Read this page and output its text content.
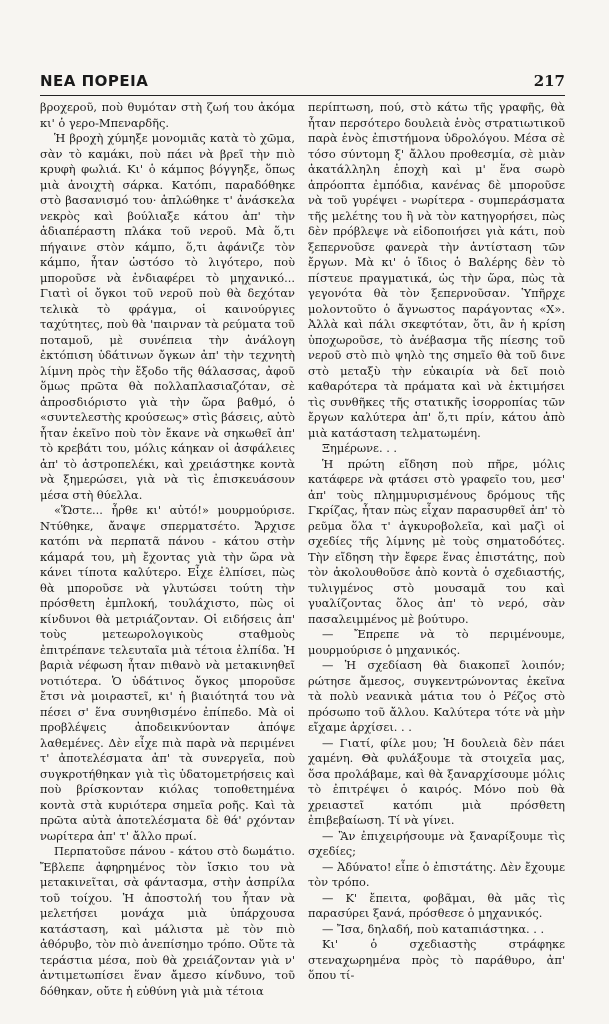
ΝΕΑ ΠΟΡΕΙΑ	217

βροχεροῦ, ποὺ θυμόταν στὴ ζωή του ἀκόμα κι' ὁ γερο-Μπεναρδῆς.

Ἡ βροχὴ χύμηξε μονομιᾶς κατὰ τὸ χῶμα, σὰν τὸ καμάκι, ποὺ πάει νὰ βρεῖ τὴν πιὸ κρυφὴ φωλιά. Κι' ὁ κάμπος βόγγηξε, ὅπως μιὰ ἀνοιχτὴ σάρκα. Κατόπι, παραδόθηκε στὸ βασανισμό του· ἁπλώθηκε τ' ἀνάσκελα νεκρὸς καὶ βούλιαξε κάτου ἀπ' τὴν ἀδιαπέραστη πλάκα τοῦ νεροῦ. Μὰ ὅ,τι πήγαινε στὸν κάμπο, ὅ,τι ἀφάνιζε τὸν κάμπο, ἦταν ὡστόσο τὸ λιγότερο, ποὺ μποροῦσε νὰ ἐνδιαφέρει τὸ μηχανικό... Γιατὶ οἱ ὄγκοι τοῦ νεροῦ ποὺ θὰ δεχόταν τελικὰ τὸ φράγμα, οἱ καινούργιες ταχύτητες, ποὺ θὰ 'παιρναν τὰ ρεύματα τοῦ ποταμοῦ, μὲ συνέπεια τὴν ἀνάλογη ἐκτόπιση ὑδάτινων ὄγκων ἀπ' τὴν τεχνητὴ λίμνη πρὸς τὴν ἔξοδο τῆς θάλασσας, ἀφοῦ ὅμως πρῶτα θὰ πολλαπλασιαζόταν, σὲ ἀπροσδιόριστο γιὰ τὴν ὥρα βαθμό, ὁ «συντελεστὴς κρούσεως» στὶς βάσεις, αὐτὸ ἦταν ἐκεῖνο ποὺ τὸν ἔκανε νὰ σηκωθεῖ ἀπ' τὸ κρεβάτι του, μόλις κάηκαν οἱ ἀσφάλειες ἀπ' τὸ ἀστροπελέκι, καὶ χρειάστηκε κοντὰ νὰ ξημερώσει, γιὰ νὰ τὶς ἐπισκευάσουν μέσα στὴ θύελλα.

«Ὥστε... ἦρθε κι' αὐτό!» μουρμούρισε. Ντύθηκε, ἄναψε σπερματσέτο. Ἄρχισε κατόπι νὰ περπατᾶ πάνου - κάτου στὴν κάμαρά του, μὴ ἔχοντας γιὰ τὴν ὥρα νὰ κάνει τίποτα καλύτερο. Εἶχε ἐλπίσει, πὼς θὰ μποροῦσε νὰ γλυτώσει τούτη τὴν πρόσθετη ἐμπλοκή, τουλάχιστο, πὼς οἱ κίνδυνοι θὰ μετριάζονταν. Οἱ ειδήσεις ἀπ' τοὺς μετεωρολογικοὺς σταθμοὺς ἐπιτρέπανε τελευταῖα μιὰ τέτοια ἐλπίδα. Ἡ βαριὰ νέφωση ἦταν πιθανὸ νὰ μετακινηθεῖ νοτιότερα. Ὁ ὑδάτινος ὄγκος μποροῦσε ἔτσι νὰ μοιραστεῖ, κι' ἡ βιαιότητά του νὰ πέσει σ' ἕνα συνηθισμένο ἐπίπεδο. Μὰ οἱ προβλέψεις ἀποδεικνύονταν ἀπόψε λαθεμένες. Δὲν εἶχε πιὰ παρὰ νὰ περιμένει τ' ἀποτελέσματα ἀπ' τὰ συνεργεῖα, ποὺ συγκροτήθηκαν γιὰ τὶς ὑδατομετρήσεις καὶ ποὺ βρίσκονταν κιόλας τοποθετημένα κοντὰ στὰ κυριότερα σημεῖα ροῆς. Καὶ τὰ πρῶτα αὐτὰ ἀποτελέσματα δὲ θά' ρχόνταν νωρίτερα ἀπ' τ' ἄλλο πρωί.

Περπατοῦσε πάνου - κάτου στὸ δωμάτιο. Ἔβλεπε ἀφηρημένος τὸν ἴσκιο του νὰ μετακινεῖται, σὰ φάντασμα, στὴν ἀσπρίλα τοῦ τοίχου. Ἡ ἀποστολή του ἦταν νὰ μελετήσει μονάχα μιὰ ὑπάρχουσα κατάσταση, καὶ μάλιστα μὲ τὸν πιὸ ἀθόρυβο, τὸν πιὸ ἀνεπίσημο τρόπο. Οὔτε τὰ τεράστια μέσα, ποὺ θὰ χρειάζονταν γιὰ ν' ἀντιμετωπίσει ἕναν ἄμεσο κίνδυνο, τοῦ δόθηκαν, οὔτε ἡ εὐθύνη γιὰ μιὰ τέτοια

περίπτωση, πού, στὸ κάτω τῆς γραφῆς, θὰ ἦταν περσότερο δουλειὰ ἑνὸς στρατιωτικοῦ παρὰ ἑνὸς ἐπιστήμονα ὑδρολόγου. Μέσα σὲ τόσο σύντομη ξ' ἄλλου προθεσμία, σὲ μιὰν ἀκατάλληλη ἐποχὴ καὶ μ' ἕνα σωρὸ ἀπρόοπτα ἐμπόδια, κανένας δὲ μποροῦσε νὰ τοῦ γυρέψει - νωρίτερα - συμπεράσματα τῆς μελέτης του ἢ νὰ τὸν κατηγορήσει, πὼς δὲν πρόβλεψε νὰ εἰδοποιήσει γιὰ κάτι, ποὺ ξεπερνοῦσε φανερὰ τὴν ἀντίσταση τῶν ἔργων. Μὰ κι' ὁ ἴδιος ὁ Βαλέρης δὲν τὸ πίστευε πραγματικά, ὡς τὴν ὥρα, πὼς τὰ γεγονότα θὰ τὸν ξεπερνοῦσαν. Ὑπῆρχε μολοντοῦτο ὁ ἄγνωστος παράγοντας «Χ». Ἀλλὰ καὶ πάλι σκεφτόταν, ὅτι, ἂν ἡ κρίση ὑποχωροῦσε, τὸ ἀνέβασμα τῆς πίεσης τοῦ νεροῦ στὸ πιὸ ψηλὸ της σημεῖο θὰ τοῦ δινε στὸ μεταξὺ τὴν εὐκαιρία νὰ δεῖ ποιὸ καθαρότερα τὰ πράματα καὶ νὰ ἐκτιμήσει τὶς συνθῆκες τῆς στατικῆς ἰσορροπίας τῶν ἔργων καλύτερα ἀπ' ὅ,τι πρίν, κάτου ἀπὸ μιὰ κατάσταση τελματωμένη.

Ξημέρωνε. . .

Ἡ πρώτη εἴδηση ποὺ πῆρε, μόλις κατάφερε νὰ φτάσει στὸ γραφεῖο του, μεσ' ἀπ' τοὺς πλημμυρισμένους δρόμους τῆς Γκρίζας, ἦταν πὼς εἶχαν παρασυρθεῖ ἀπ' τὸ ρεῦμα ὅλα τ' ἀγκυροβολεῖα, καὶ μαζὶ οἱ σχεδίες τῆς λίμνης μὲ τοὺς σηματοδότες. Τὴν εἴδηση τὴν ἔφερε ἕνας ἐπιστάτης, ποὺ τὸν ἀκολουθοῦσε ἀπὸ κοντὰ ὁ σχεδιαστής, τυλιγμένος στὸ μουσαμᾶ του καὶ γυαλίζοντας ὅλος ἀπ' τὸ νερό, σὰν πασαλειμμένος μὲ βούτυρο.

— Ἔπρεπε νὰ τὸ περιμένουμε, μουρμούρισε ὁ μηχανικός.

— Ἡ σχεδίαση θὰ διακοπεῖ λοιπόν; ρώτησε ἄμεσος, συγκεντρώνοντας ἐκεῖνα τὰ πολὺ νεανικὰ μάτια του ὁ Ρέζος στὸ πρόσωπο τοῦ ἄλλου. Καλύτερα τότε νὰ μὴν εἴχαμε ἀρχίσει. . .

— Γιατί, φίλε μου; Ἡ δουλειὰ δὲν πάει χαμένη. Θὰ φυλάξουμε τὰ στοιχεῖα μας, ὅσα προλάβαμε, καὶ θὰ ξαναρχίσουμε μόλις τὸ ἐπιτρέψει ὁ καιρός. Μόνο ποὺ θὰ χρειαστεῖ κατόπι μιὰ πρόσθετη ἐπιβεβαίωση. Τί νὰ γίνει.

— Ἂν ἐπιχειρήσουμε νὰ ξαναρίξουμε τὶς σχεδίες;

— Ἀδύνατο! εἶπε ὁ ἐπιστάτης. Δὲν ἔχουμε τὸν τρόπο.

— Κ' ἔπειτα, φοβᾶμαι, θὰ μᾶς τὶς παρασύρει ξανά, πρόσθεσε ὁ μηχανικός.

— Ἴσα, δηλαδή, ποὺ καταπιάστηκα. . .

Κι' ὁ σχεδιαστὴς στράφηκε στεναχωρημένα πρὸς τὸ παράθυρο, ἀπ' ὅπου τί-
